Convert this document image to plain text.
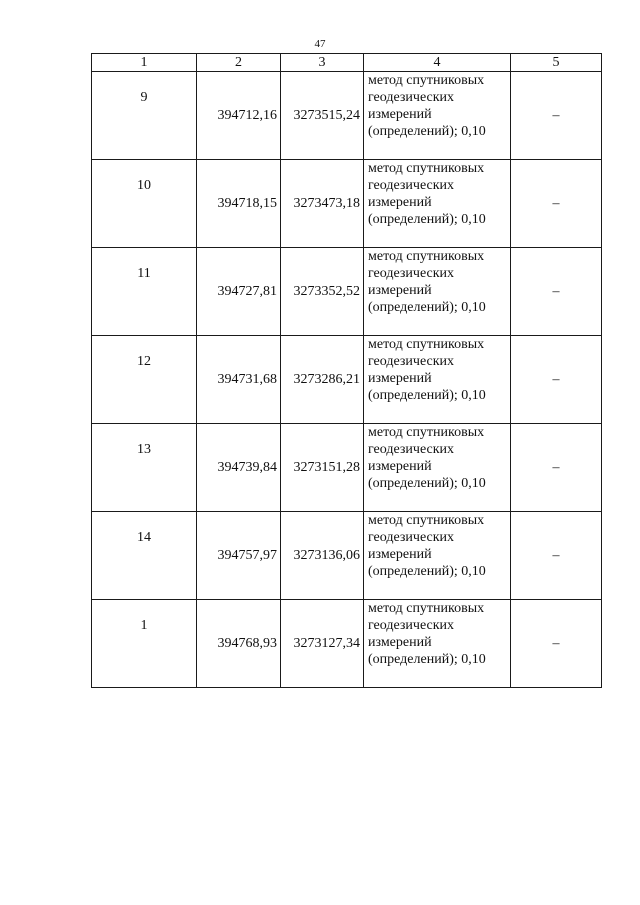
47
1	2	3	4	5
9	394712,16	3273515,24	метод спутниковых
геодезических
измерений
(определений); 0,10	–
10	394718,15	3273473,18	метод спутниковых
геодезических
измерений
(определений); 0,10	–
11	394727,81	3273352,52	метод спутниковых
геодезических
измерений
(определений); 0,10	–
12	394731,68	3273286,21	метод спутниковых
геодезических
измерений
(определений); 0,10	–
13	394739,84	3273151,28	метод спутниковых
геодезических
измерений
(определений); 0,10	–
14	394757,97	3273136,06	метод спутниковых
геодезических
измерений
(определений); 0,10	–
1	394768,93	3273127,34	метод спутниковых
геодезических
измерений
(определений); 0,10	–
